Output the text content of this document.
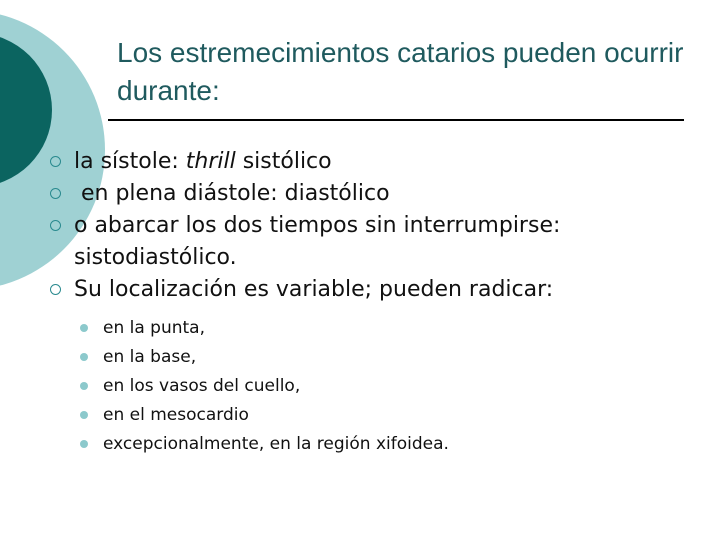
Los estremecimientos catarios pueden ocurrir durante:
la sístole: thrill sistólico
en plena diástole: diastólico
o abarcar los dos tiempos sin interrumpirse: sistodiastólico.
Su localización es variable; pueden radicar:
en la punta,
en la base,
en los vasos del cuello,
en el mesocardio
excepcionalmente, en la región xifoidea.
